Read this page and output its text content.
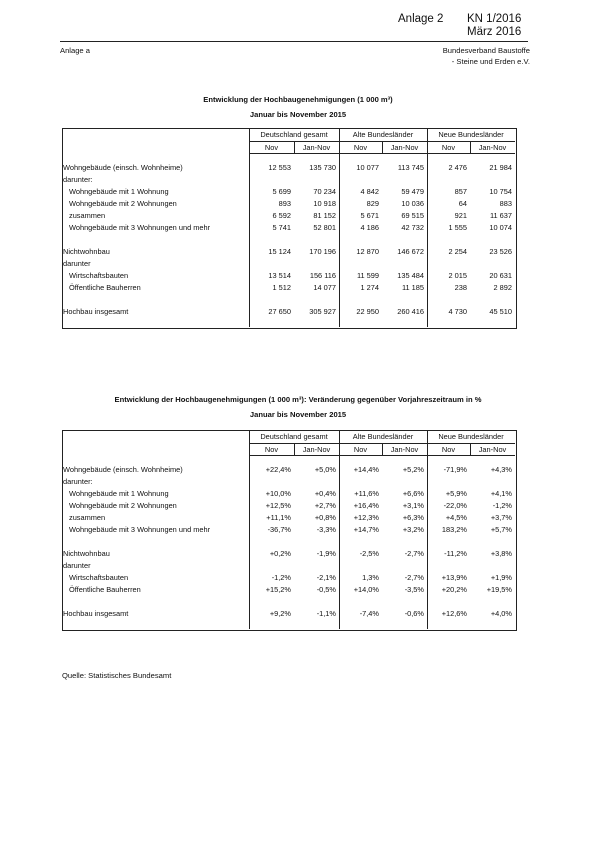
Anlage 2 KN 1/2016
März 2016
Anlage a	Bundesverband Baustoffe
- Steine und Erden e.V.
Entwicklung der Hochbaugenehmigungen (1 000 m³)
Januar bis November 2015
Deutschland gesamt	Alte Bundesländer	Neue Bundesländer
Nov	Jan-Nov	Nov	Jan-Nov	Nov	Jan-Nov
Wohngebäude (einsch. Wohnheime)	12 553	135 730	10 077	113 745	2 476	21 984
darunter:
Wohngebäude mit 1 Wohnung	5 699	70 234	4 842	59 479	857	10 754
Wohngebäude mit 2 Wohnungen	893	10 918	829	10 036	64	883
zusammen	6 592	81 152	5 671	69 515	921	11 637
Wohngebäude mit 3 Wohnungen und mehr	5 741	52 801	4 186	42 732	1 555	10 074
Nichtwohnbau	15 124	170 196	12 870	146 672	2 254	23 526
darunter
Wirtschaftsbauten	13 514	156 116	11 599	135 484	2 015	20 631
Öffentliche Bauherren	1 512	14 077	1 274	11 185	238	2 892
Hochbau insgesamt	27 650	305 927	22 950	260 416	4 730	45 510
Entwicklung der Hochbaugenehmigungen (1 000 m³): Veränderung gegenüber Vorjahreszeitraum in %
Januar bis November 2015
Deutschland gesamt	Alte Bundesländer	Neue Bundesländer
Nov	Jan-Nov	Nov	Jan-Nov	Nov	Jan-Nov
Wohngebäude (einsch. Wohnheime)	+22,4%	+5,0%	+14,4%	+5,2%	-71,9%	+4,3%
darunter:
Wohngebäude mit 1 Wohnung	+10,0%	+0,4%	+11,6%	+6,6%	+5,9%	+4,1%
Wohngebäude mit 2 Wohnungen	+12,5%	+2,7%	+16,4%	+3,1%	-22,0%	-1,2%
zusammen	+11,1%	+0,8%	+12,3%	+6,3%	+4,5%	+3,7%
Wohngebäude mit 3 Wohnungen und mehr	-36,7%	-3,3%	+14,7%	+3,2%	183,2%	+5,7%
Nichtwohnbau	+0,2%	-1,9%	-2,5%	-2,7%	-11,2%	+3,8%
darunter
Wirtschaftsbauten	-1,2%	-2,1%	1,3%	-2,7%	+13,9%	+1,9%
Öffentliche Bauherren	+15,2%	-0,5%	+14,0%	-3,5%	+20,2%	+19,5%
Hochbau insgesamt	+9,2%	-1,1%	-7,4%	-0,6%	+12,6%	+4,0%
Quelle: Statistisches Bundesamt
